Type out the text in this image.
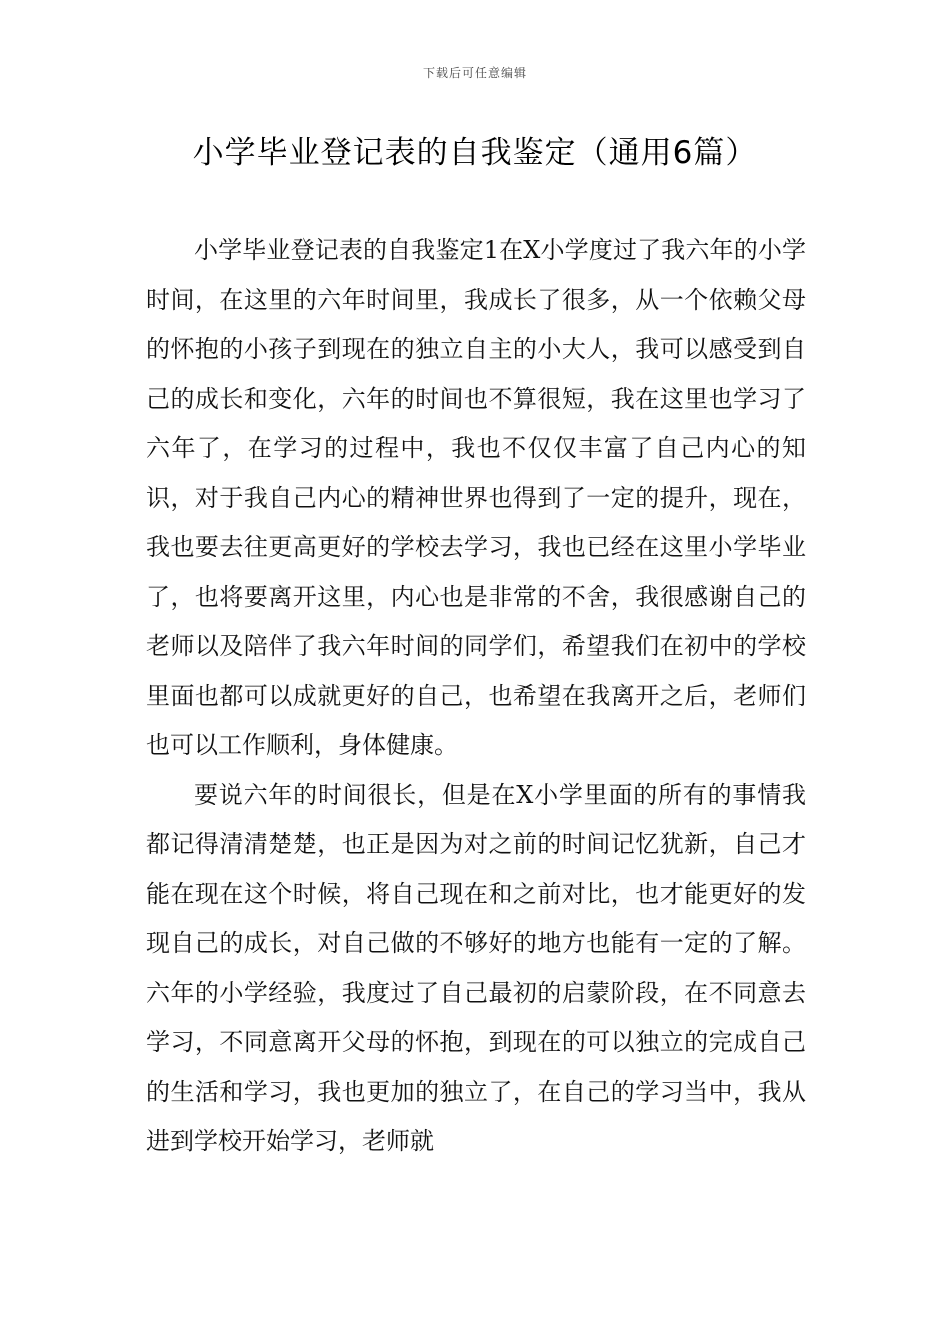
下载后可任意编辑
小学毕业登记表的自我鉴定（通用6篇）

小学毕业登记表的自我鉴定1在X小学度过了我六年的小学时间，在这里的六年时间里，我成长了很多，从一个依赖父母的怀抱的小孩子到现在的独立自主的小大人，我可以感受到自己的成长和变化，六年的时间也不算很短，我在这里也学习了六年了，在学习的过程中，我也不仅仅丰富了自己内心的知识，对于我自己内心的精神世界也得到了一定的提升，现在，我也要去往更高更好的学校去学习，我也已经在这里小学毕业了，也将要离开这里，内心也是非常的不舍，我很感谢自己的老师以及陪伴了我六年时间的同学们，希望我们在初中的学校里面也都可以成就更好的自己，也希望在我离开之后，老师们也可以工作顺利，身体健康。

要说六年的时间很长，但是在X小学里面的所有的事情我都记得清清楚楚，也正是因为对之前的时间记忆犹新，自己才能在现在这个时候，将自己现在和之前对比，也才能更好的发现自己的成长，对自己做的不够好的地方也能有一定的了解。六年的小学经验，我度过了自己最初的启蒙阶段，在不同意去学习，不同意离开父母的怀抱，到现在的可以独立的完成自己的生活和学习，我也更加的独立了，在自己的学习当中，我从进到学校开始学习，老师就
